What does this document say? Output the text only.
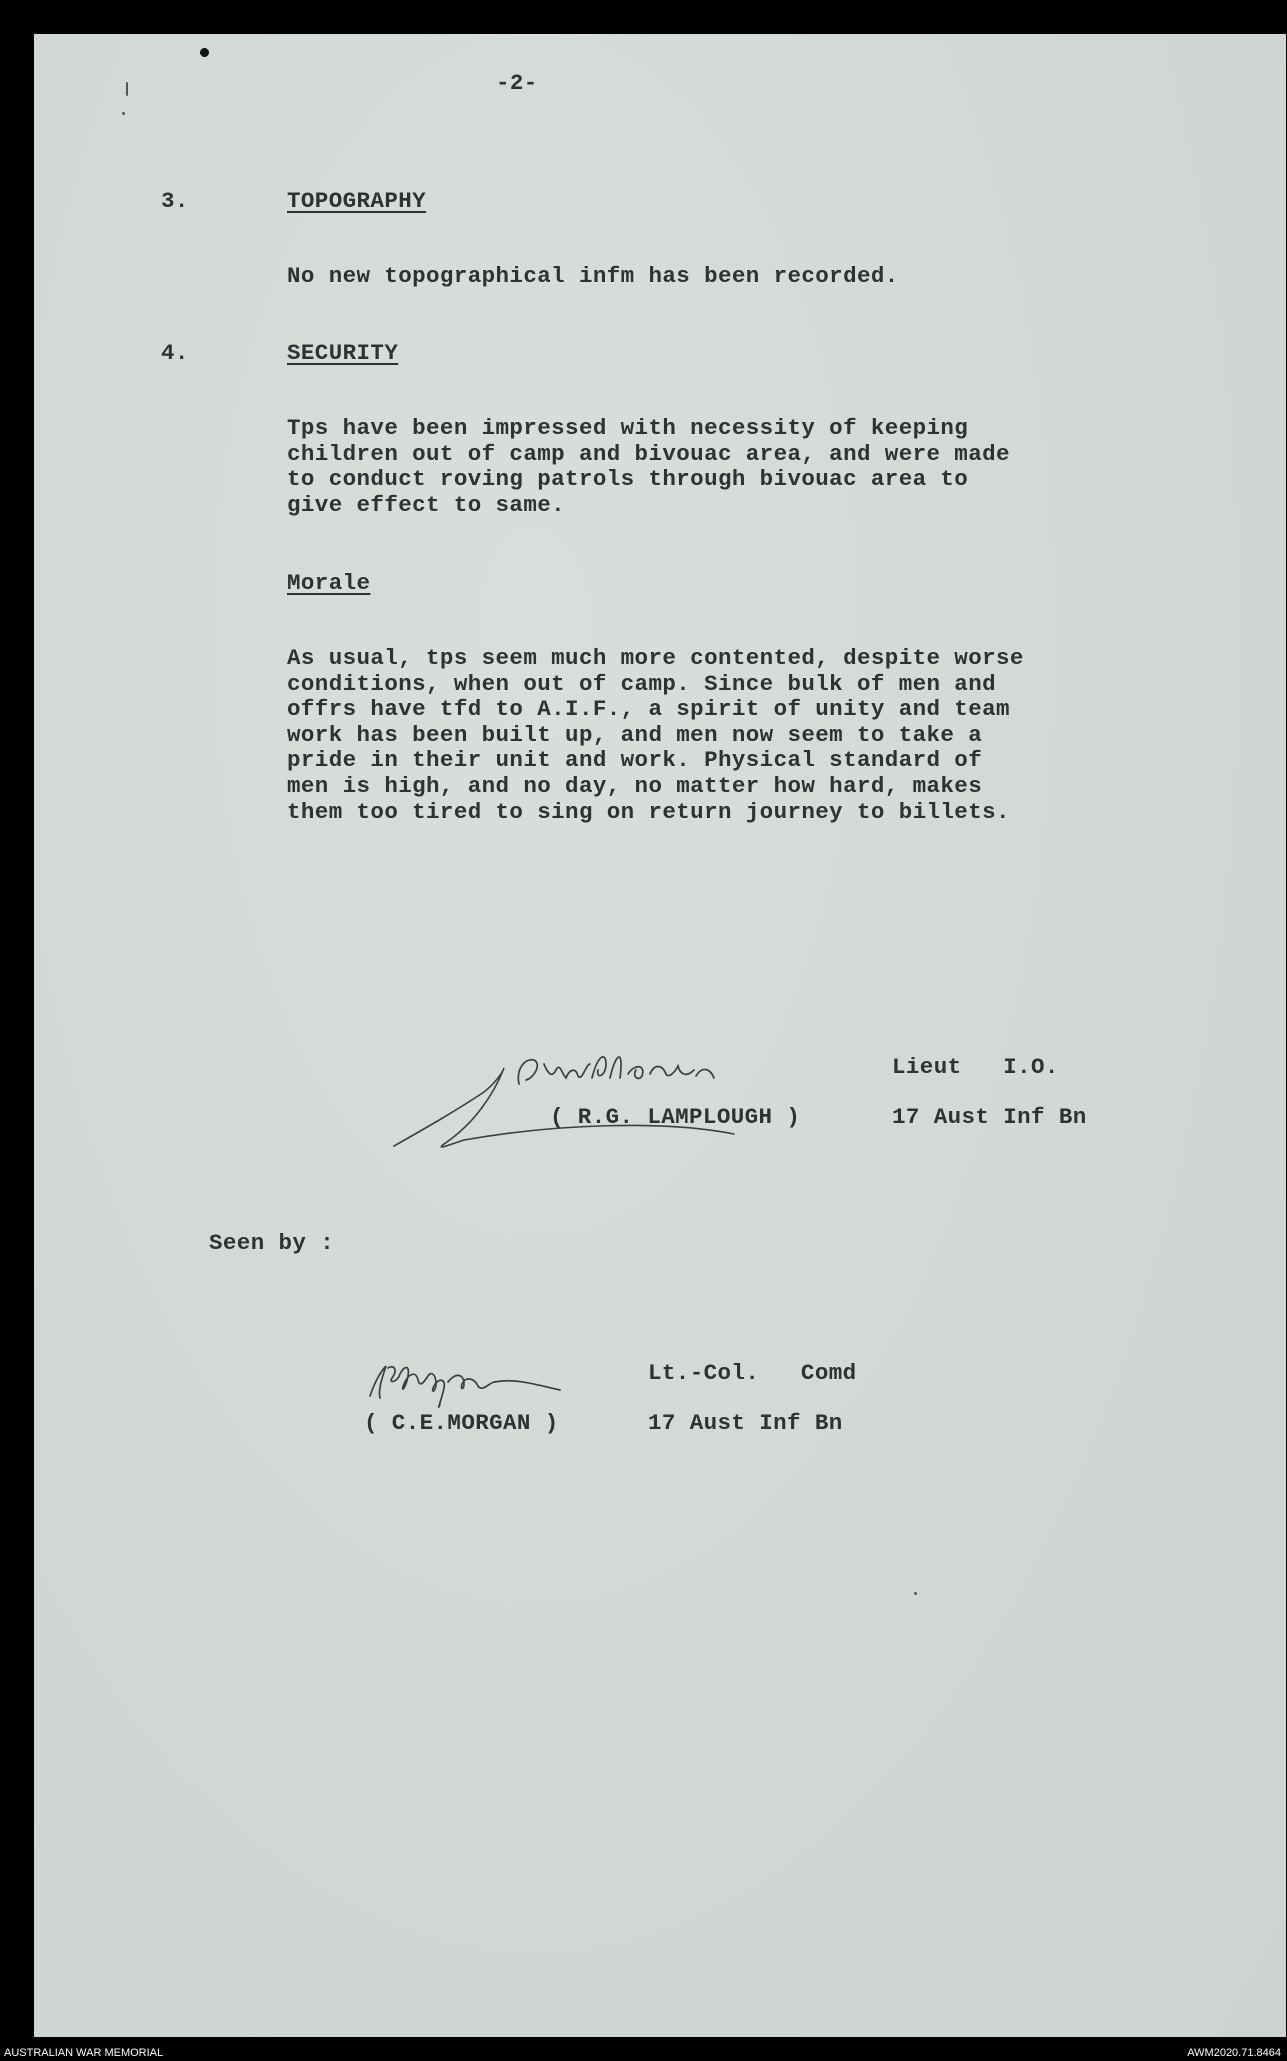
-2-
3.	TOPOGRAPHY
No new topographical infm has been recorded.
4.	SECURITY
Tps have been impressed with necessity of keeping
children out of camp and bivouac area, and were made
to conduct roving patrols through bivouac area to
give effect to same.
Morale
As usual, tps seem much more contented, despite worse
conditions, when out of camp. Since bulk of men and
offrs have tfd to A.I.F., a spirit of unity and team
work has been built up, and men now seem to take a
pride in their unit and work. Physical standard of
men is high, and no day, no matter how hard, makes
them too tired to sing on return journey to billets.
Lieut   I.O.
( R.G. LAMPLOUGH )	17 Aust Inf Bn
Seen by :
Lt.-Col.   Comd
( C.E.MORGAN )	17 Aust Inf Bn
AUSTRALIAN WAR MEMORIAL	AWM2020.71.8464
